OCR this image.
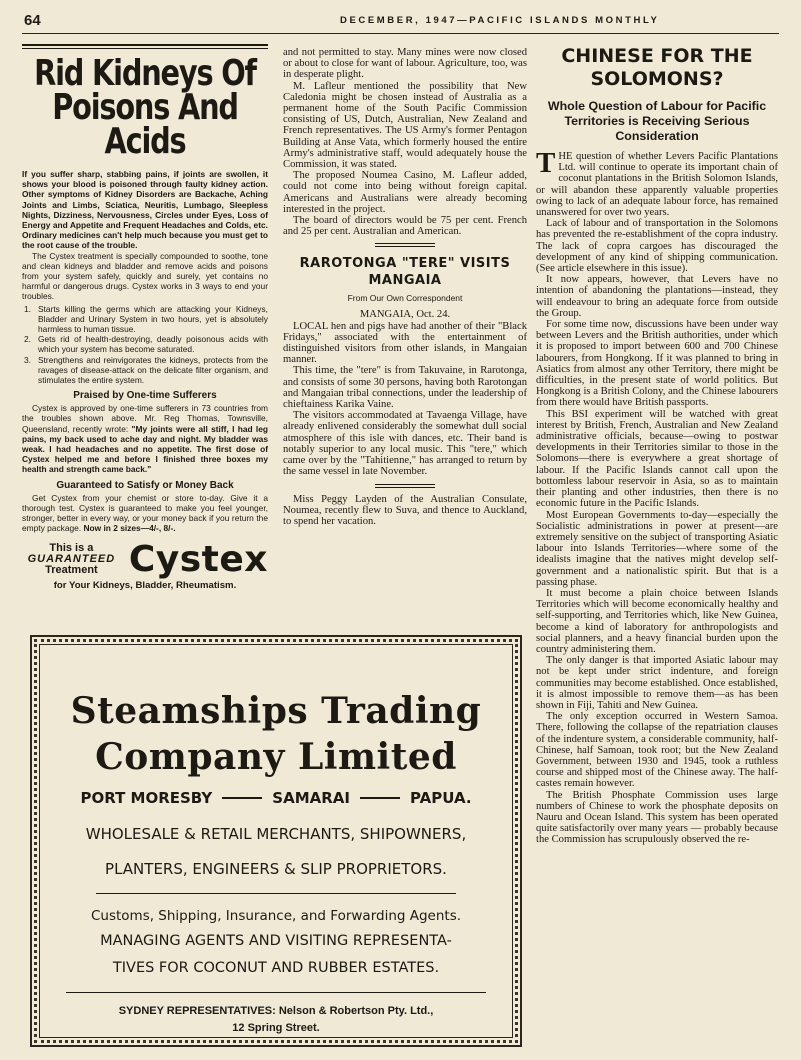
64	DECEMBER, 1947—PACIFIC ISLANDS MONTHLY
Rid Kidneys Of Poisons And Acids

If you suffer sharp, stabbing pains, if joints are swollen, it shows your blood is poisoned through faulty kidney action. Other symptoms of Kidney Disorders are Backache, Aching Joints and Limbs, Sciatica, Neuritis, Lumbago, Sleepless Nights, Dizziness, Nervousness, Circles under Eyes, Loss of Energy and Appetite and Frequent Headaches and Colds, etc. Ordinary medicines can't help much because you must get to the root cause of the trouble.

The Cystex treatment is specially compounded to soothe, tone and clean kidneys and bladder and remove acids and poisons from your system safely, quickly and surely, yet contains no harmful or dangerous drugs. Cystex works in 3 ways to end your troubles.

1. Starts killing the germs which are attacking your Kidneys, Bladder and Urinary System in two hours, yet is absolutely harmless to human tissue.
2. Gets rid of health-destroying, deadly poisonous acids with which your system has become saturated.
3. Strengthens and reinvigorates the kidneys, protects from the ravages of disease-attack on the delicate filter organism, and stimulates the entire system.
Praised by One-time Sufferers

Cystex is approved by one-time sufferers in 73 countries from the troubles shown above. Mr. Reg Thomas, Townsville, Queensland, recently wrote: "My joints were all stiff, I had leg pains, my back used to ache day and night. My bladder was weak. I had headaches and no appetite. The first dose of Cystex helped me and before I finished three boxes my health and strength came back."

Guaranteed to Satisfy or Money Back

Get Cystex from your chemist or store to-day. Give it a thorough test. Cystex is guaranteed to make you feel younger, stronger, better in every way, or your money back if you return the empty package. Now in 2 sizes—4/-, 8/-.

This is a
GUARANTEED
Treatment Cystex
for Your Kidneys, Bladder, Rheumatism.

and not permitted to stay. Many mines were now closed or about to close for want of labour. Agriculture, too, was in desperate plight.

M. Lafleur mentioned the possibility that New Caledonia might be chosen instead of Australia as a permanent home of the South Pacific Commission consisting of US, Dutch, Australian, New Zealand and French representatives. The US Army's former Pentagon Building at Anse Vata, which formerly housed the entire Army's administrative staff, would adequately house the Commission, it was stated.

The proposed Noumea Casino, M. Lafleur added, could not come into being without foreign capital. Americans and Australians were already becoming interested in the project.

The board of directors would be 75 per cent. French and 25 per cent. Australian and American.

RAROTONGA "TERE" VISITS MANGAIA
From Our Own Correspondent

MANGAIA, Oct. 24.

LOCAL hen and pigs have had another of their "Black Fridays," associated with the entertainment of distinguished visitors from other islands, in Mangaian manner.

This time, the "tere" is from Takuvaine, in Rarotonga, and consists of some 30 persons, having both Rarotongan and Mangaian tribal connections, under the leadership of chieftainess Karika Vaine.

The visitors accommodated at Tavaenga Village, have already enlivened considerably the somewhat dull social atmosphere of this isle with dances, etc. Their band is notably superior to any local music. This "tere," which came over by the "Tahitienne," has arranged to return by the same vessel in late November.

Miss Peggy Layden of the Australian Consulate, Noumea, recently flew to Suva, and thence to Auckland, to spend her vacation.

CHINESE FOR THE SOLOMONS?
Whole Question of Labour for Pacific Territories is Receiving Serious Consideration

THE question of whether Levers Pacific Plantations Ltd. will continue to operate its important chain of coconut plantations in the British Solomon Islands, or will abandon these apparently valuable properties owing to lack of an adequate labour force, has remained unanswered for over two years.

Lack of labour and of transportation in the Solomons has prevented the re-establishment of the copra industry. The lack of copra cargoes has discouraged the development of any kind of shipping communication. (See article elsewhere in this issue).

It now appears, however, that Levers have no intention of abandoning the plantations—instead, they will endeavour to bring an adequate force from outside the Group.

For some time now, discussions have been under way between Levers and the British authorities, under which it is proposed to import between 600 and 700 Chinese labourers, from Hongkong. If it was planned to bring in Asiatics from almost any other Territory, there might be difficulties, in the present state of world politics. But Hongkong is a British Colony, and the Chinese labourers from there would have British passports.

This BSI experiment will be watched with great interest by British, French, Australian and New Zealand administrative officials, because—owing to postwar developments in their Territories similar to those in the Solomons—there is everywhere a great shortage of labour. If the Pacific Islands cannot call upon the bottomless labour reservoir in Asia, so as to maintain their planting and other industries, then there is no economic future in the Pacific Islands.

Most European Governments to-day—especially the Socialistic administrations in power at present—are extremely sensitive on the subject of transporting Asiatic labour into Islands Territories—where some of the idealists imagine that the natives might develop self-government and a nationalistic spirit. But that is a passing phase.

It must become a plain choice between Islands Territories which will become economically healthy and self-supporting, and Territories which, like New Guinea, become a kind of laboratory for anthropologists and social planners, and a heavy financial burden upon the country administering them.

The only danger is that imported Asiatic labour may not be kept under strict indenture, and foreign communities may become established. Once established, it is almost impossible to remove them—as has been shown in Fiji, Tahiti and New Guinea.

The only exception occurred in Western Samoa. There, following the collapse of the repatriation clauses of the indenture system, a considerable community, half-Chinese, half Samoan, took root; but the New Zealand Government, between 1930 and 1945, took a ruthless course and shipped most of the Chinese away. The half-castes remain however.

The British Phosphate Commission uses large numbers of Chinese to work the phosphate deposits on Nauru and Ocean Island. This system has been operated quite satisfactorily over many years — probably because the Commission has scrupulously observed the re-

Steamships Trading
Company Limited
PORT MORESBY	SAMARAI	PAPUA.
WHOLESALE & RETAIL MERCHANTS, SHIPOWNERS,
PLANTERS, ENGINEERS & SLIP PROPRIETORS.
Customs, Shipping, Insurance, and Forwarding Agents.
MANAGING AGENTS AND VISITING REPRESENTA-
TIVES FOR COCONUT AND RUBBER ESTATES.
SYDNEY REPRESENTATIVES: Nelson & Robertson Pty. Ltd.,
12 Spring Street.
